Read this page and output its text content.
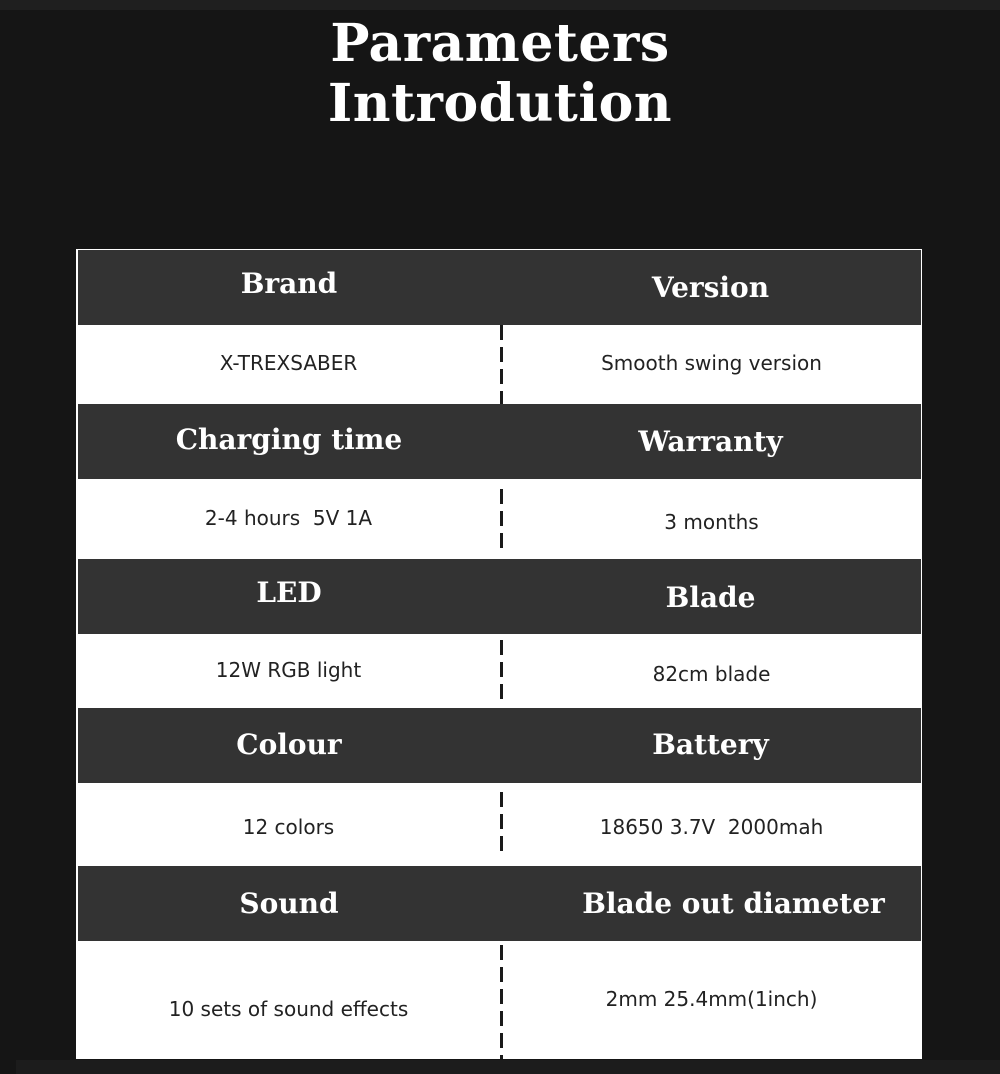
Parameters
Introdution
Brand	Version
X-TREXSABER	Smooth swing version
Charging time	Warranty
2-4 hours  5V 1A	3 months
LED	Blade
12W RGB light	82cm blade
Colour	Battery
12 colors	18650 3.7V  2000mah
Sound	Blade out diameter
10 sets of sound effects	2mm 25.4mm(1inch)
